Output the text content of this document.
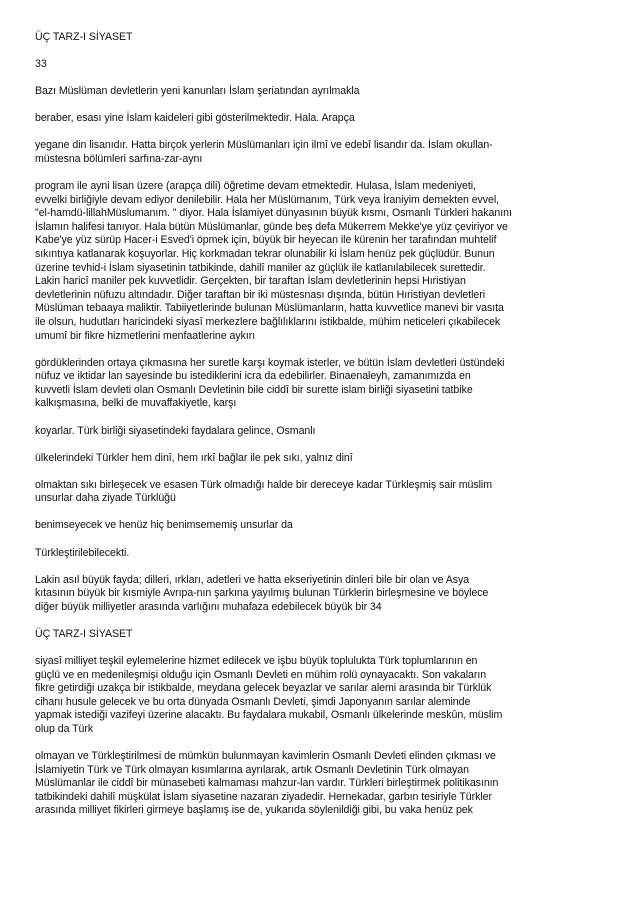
ÜÇ TARZ-I SİYASET

33

Bazı Müslüman devletlerin yeni kanunları İslam şeriatından ayrılmakla

beraber, esası yine İslam kaideleri gibi gösterilmektedir. Hala. Arapça

yegane din lisanıdır. Hatta birçok yerlerin Müslümanları için ilmî ve edebî lisandır da. İslam okullan-
müstesna bölümleri sarfına-zar-aynı

program ile ayni lisan üzere (arapça dili) öğretime devam etmektedir. Hulasa, İslam medeniyeti,
evvelki birliğiyle devam ediyor denilebilir. Hala her Müslümanım, Türk veya İraniyim demekten evvel,
"el-hamdü-lillahMüslumanım. " diyor. Hala İslamiyet dünyasının büyük kısmı, Osmanlı Türkleri hakanını
İslamın halifesi tanıyor. Hala bütün Müslümanlar, günde beş defa Mükerrem Mekke'ye yüz çeviriyor ve
Kabe'ye yüz sürüp Hacer-i Esved'i öpmek için, büyük bir heyecan ile kürenin her tarafından muhtelif
sıkıntıya katlanarak koşuyorlar. Hiç korkmadan tekrar olunabilir ki İslam henüz pek güçlüdür. Bunun
üzerine tevhid-i İslam siyasetinin tatbikinde, dahilî maniler az güçlük ile katlanılabilecek surettedir.
Lakin haricî maniler pek kuvvetlidir. Gerçekten, bir taraftan İslam devletlerinin hepsi Hıristiyan
devletlerinin nüfuzu altındadır. Diğer taraftan bir iki müstesnası dışında, bütün Hıristiyan devletleri
Müslüman tebaaya maliktir. Tabiiyetlerinde bulunan Müslümanların, hatta kuvvetlice manevi bir vasıta
ile olsun, hudutları haricindeki siyasî merkezlere bağlılıklarını istikbalde, mühim neticeleri çıkabilecek
umumî bir fikre hizmetlerini menfaatlerine aykırı

gördüklerinden ortaya çıkmasına her suretle karşı koymak isterler, ve bütün İslam devletleri üstündeki
nüfuz ve iktidar lan sayesinde bu istediklerini icra da edebilirler. Binaenaleyh, zamanımızda en
kuvvetli İslam devleti olan Osmanlı Devletinin bile ciddî bir surette islam birliği siyasetini tatbike
kalkışmasına, belki de muvaffakiyetle, karşı

koyarlar. Türk birliği siyasetindeki faydalara gelince, Osmanlı

ülkelerindeki Türkler hem dinî, hem ırkî bağlar ile pek sıkı, yalnız dinî

olmaktan sıkı birleşecek ve esasen Türk olmadığı halde bir dereceye kadar Türkleşmiş sair müslim
unsurlar daha ziyade Türklüğü

benimseyecek ve henüz hiç benimsememiş unsurlar da

Türkleştirilebilecekti.

Lakin asıl büyük fayda; dilleri, ırkları, adetleri ve hatta ekseriyetinin dinleri bile bir olan ve Asya
kıtasının büyük bir kısmiyle Avrıpa-nın şarkına yayılmış bulunan Türklerin birleşmesine ve böylece
diğer büyük milliyetler arasında varlığını muhafaza edebilecek büyük bir 34

ÜÇ TARZ-I SİYASET

siyasî milliyet teşkil eylemelerine hizmet edilecek ve işbu büyük toplulukta Türk toplumlarının en
güçlü ve en medenileşmişi olduğu için Osmanlı Devleti en mühim rolü oynayacaktı. Son vakaların
fikre getirdiği uzakça bir istikbalde, meydana gelecek beyazlar ve sarılar alemi arasında bir Türklük
cihanı husule gelecek ve bu orta dünyada Osmanlı Devleti, şimdi Japonyanın sarılar aleminde
yapmak istediği vazifeyi üzerine alacaktı. Bu faydalara mukabil, Osmanlı ülkelerinde meskûn, müslim
olup da Türk

olmayan ve Türkleştirilmesi de mümkün bulunmayan kavimlerin Osmanlı Devleti elinden çıkması ve
İslamiyetin Türk ve Türk olmayan kısımlarına ayrılarak, artık Osmanlı Devletinin Türk olmayan
Müslümanlar ile ciddî bir münasebeti kalmaması mahzur-lan vardır. Türkleri birleştirmek politikasının
tatbikindeki dahilî müşkülat İslam siyasetine nazaran ziyadedir. Hernekadar, garbın tesiriyle Türkler
arasında milliyet fikirleri girmeye başlamış ise de, yukarıda söylenildiği gibi, bu vaka henüz pek
